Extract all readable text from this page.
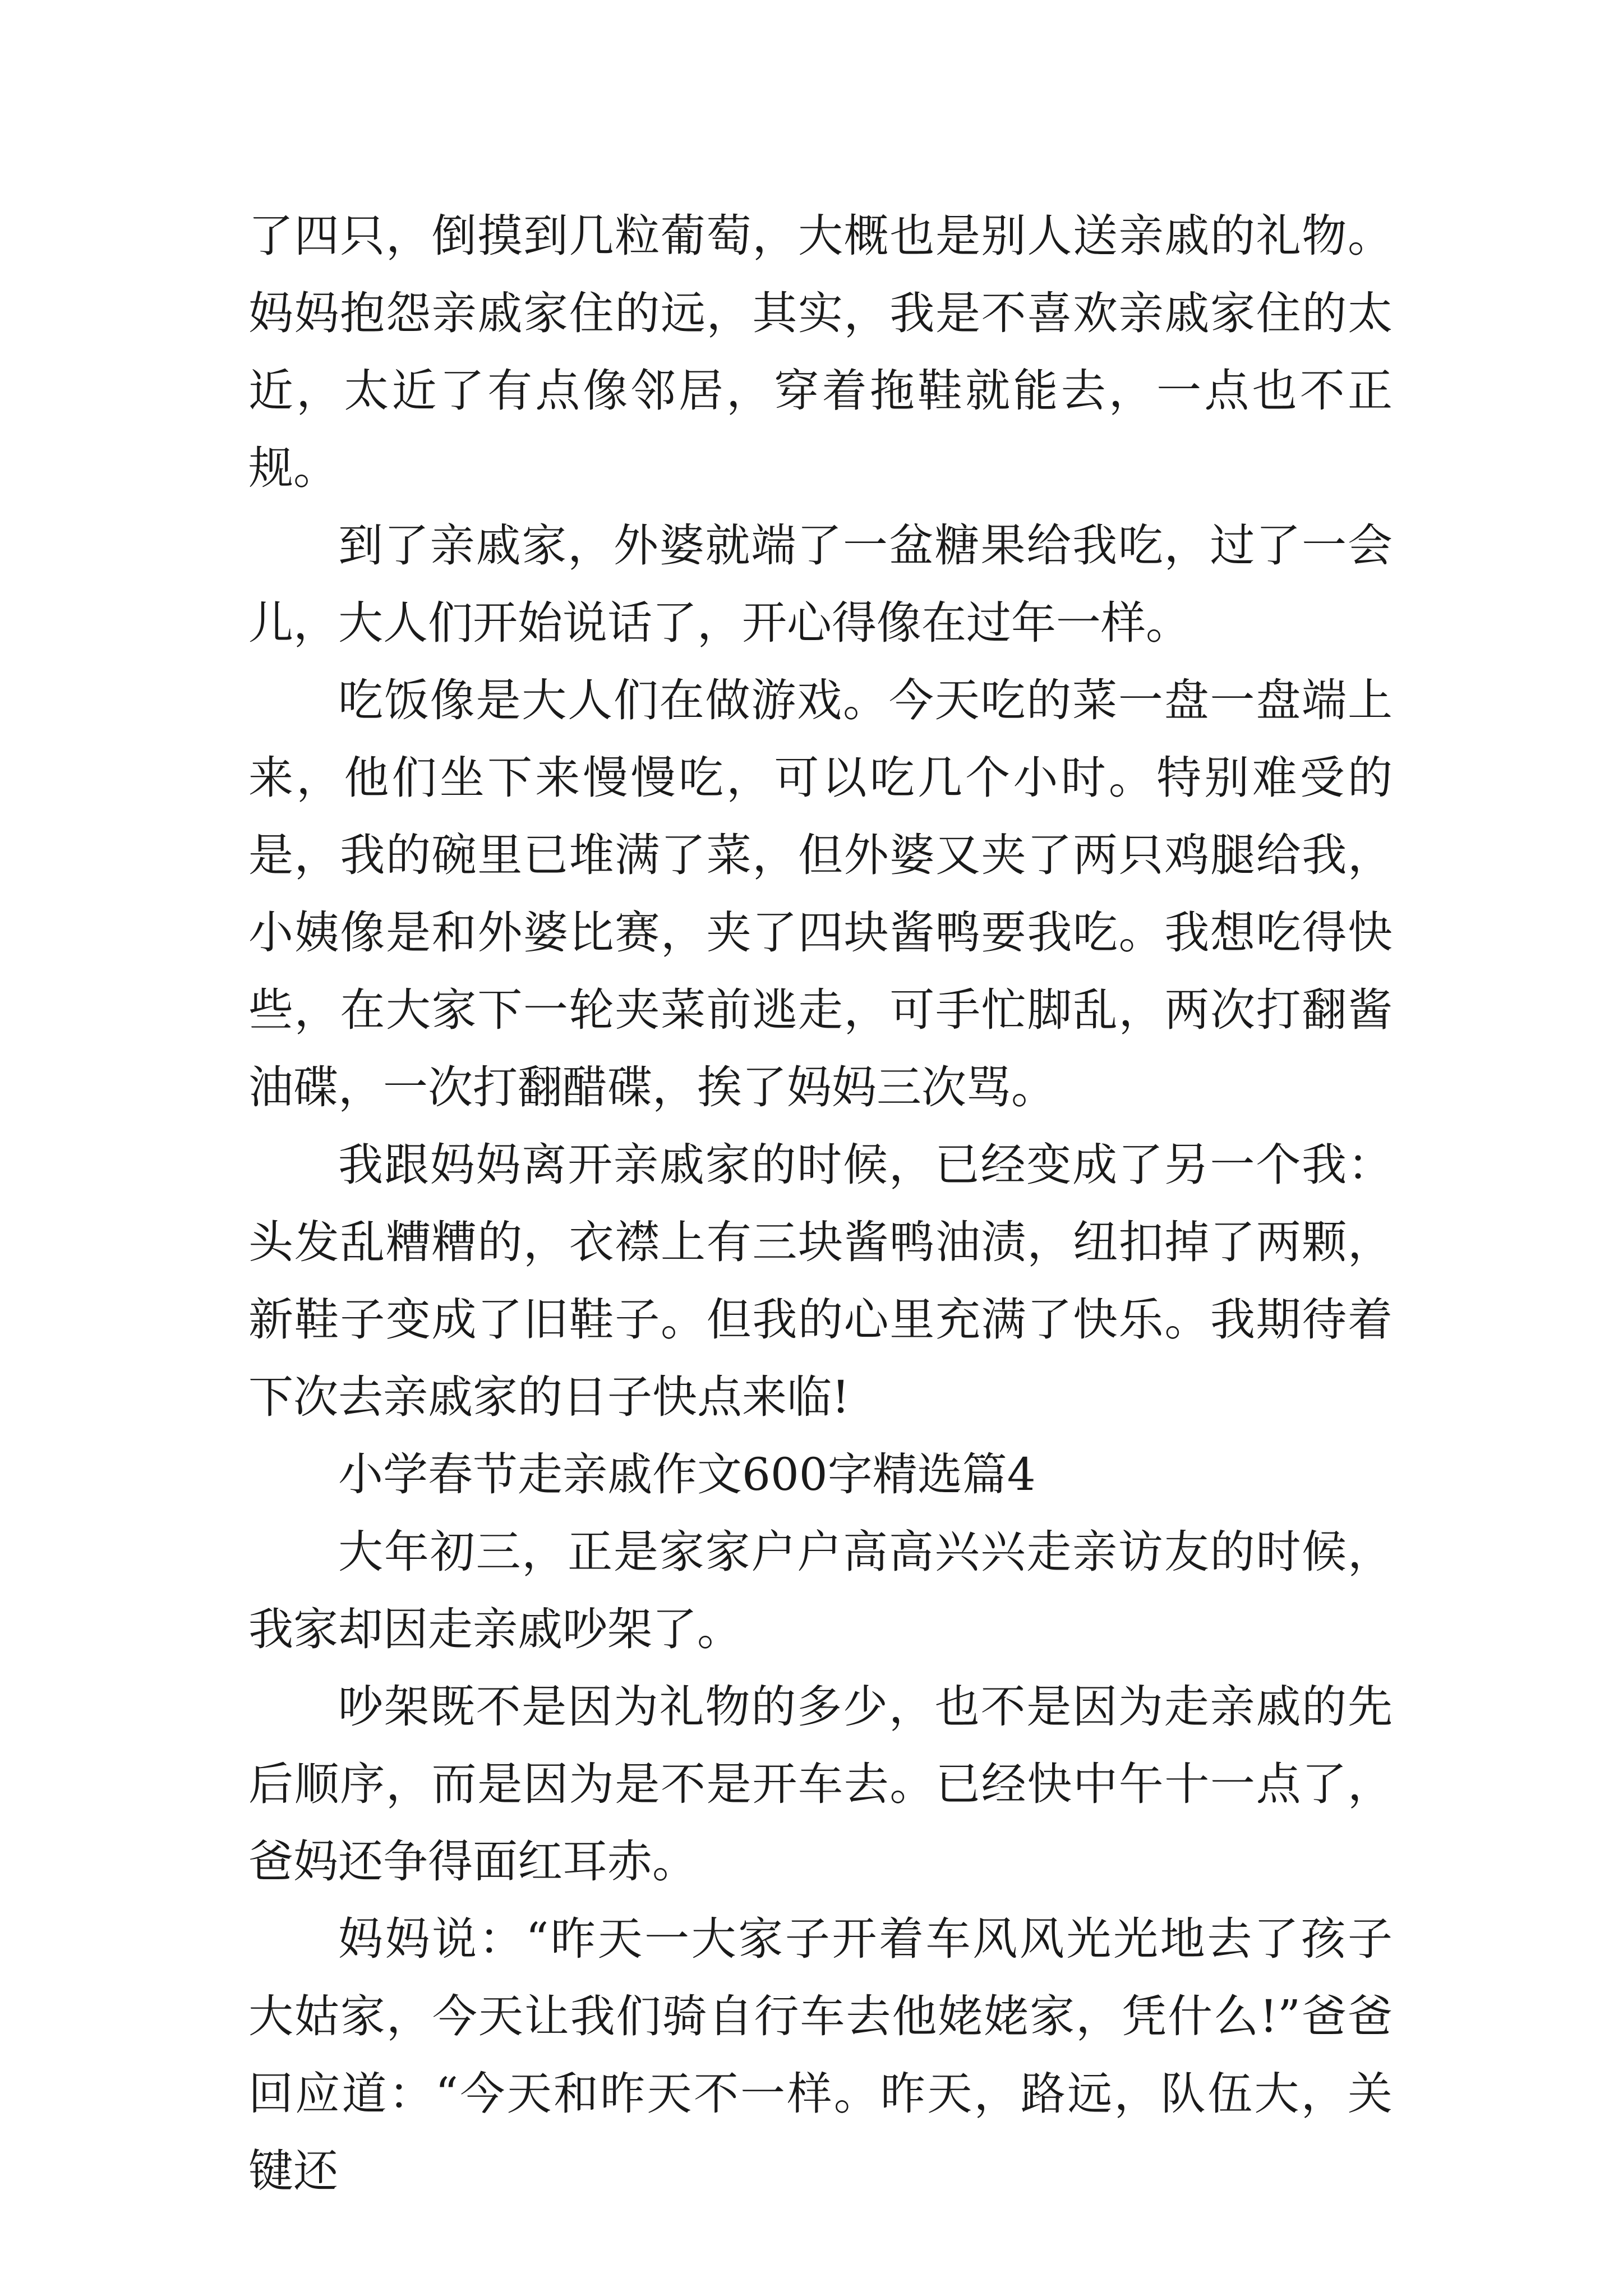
了四只，倒摸到几粒葡萄，大概也是别人送亲戚的礼物。妈妈抱怨亲戚家住的远，其实，我是不喜欢亲戚家住的太近，太近了有点像邻居，穿着拖鞋就能去，一点也不正规。

到了亲戚家，外婆就端了一盆糖果给我吃，过了一会儿，大人们开始说话了，开心得像在过年一样。

吃饭像是大人们在做游戏。今天吃的菜一盘一盘端上来，他们坐下来慢慢吃，可以吃几个小时。特别难受的是，我的碗里已堆满了菜，但外婆又夹了两只鸡腿给我，小姨像是和外婆比赛，夹了四块酱鸭要我吃。我想吃得快些，在大家下一轮夹菜前逃走，可手忙脚乱，两次打翻酱油碟，一次打翻醋碟，挨了妈妈三次骂。

我跟妈妈离开亲戚家的时候，已经变成了另一个我：头发乱糟糟的，衣襟上有三块酱鸭油渍，纽扣掉了两颗，新鞋子变成了旧鞋子。但我的心里充满了快乐。我期待着下次去亲戚家的日子快点来临!

小学春节走亲戚作文600字精选篇4

大年初三，正是家家户户高高兴兴走亲访友的时候，我家却因走亲戚吵架了。

吵架既不是因为礼物的多少，也不是因为走亲戚的先后顺序，而是因为是不是开车去。已经快中午十一点了，爸妈还争得面红耳赤。

妈妈说：“昨天一大家子开着车风风光光地去了孩子大姑家，今天让我们骑自行车去他姥姥家，凭什么!”爸爸回应道：“今天和昨天不一样。昨天，路远，队伍大，关键还
